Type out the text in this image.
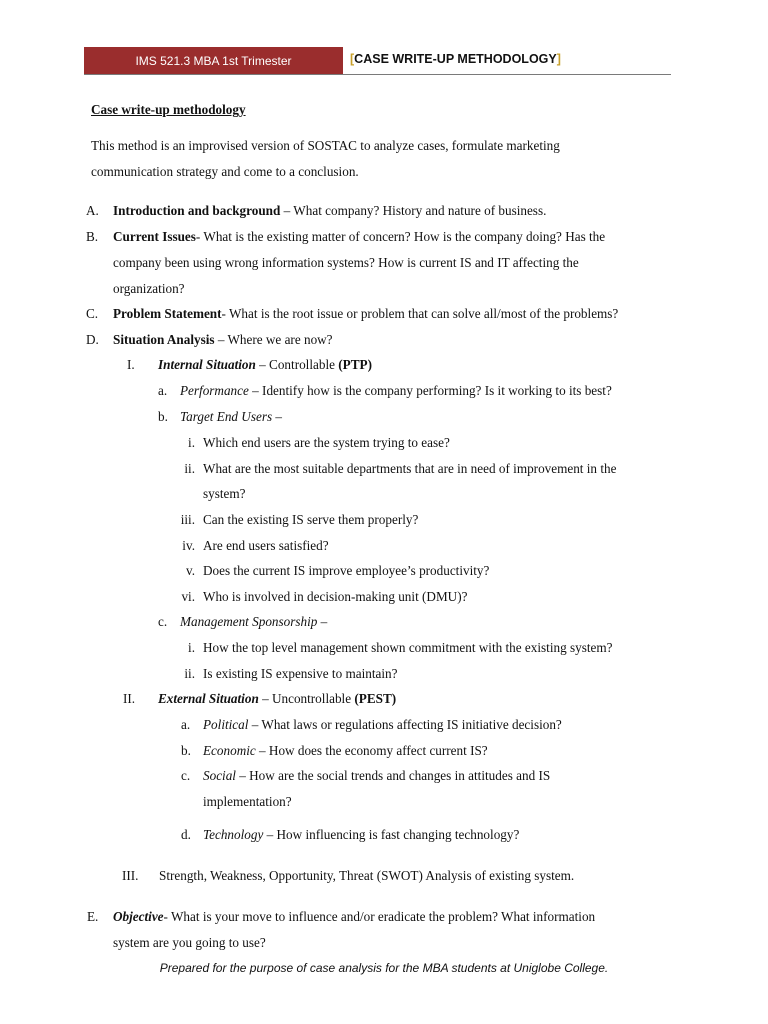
IMS 521.3 MBA 1st Trimester	[CASE WRITE-UP METHODOLOGY]
Case write-up methodology
This method is an improvised version of SOSTAC to analyze cases, formulate marketing
communication strategy and come to a conclusion.
A. Introduction and background – What company? History and nature of business.
B. Current Issues- What is the existing matter of concern? How is the company doing? Has the
company been using wrong information systems? How is current IS and IT affecting the
organization?
C. Problem Statement- What is the root issue or problem that can solve all/most of the problems?
D. Situation Analysis – Where we are now?
I. Internal Situation – Controllable (PTP)
a. Performance – Identify how is the company performing? Is it working to its best?
b. Target End Users –
i. Which end users are the system trying to ease?
ii. What are the most suitable departments that are in need of improvement in the
system?
iii. Can the existing IS serve them properly?
iv. Are end users satisfied?
v. Does the current IS improve employee’s productivity?
vi. Who is involved in decision-making unit (DMU)?
c. Management Sponsorship –
i. How the top level management shown commitment with the existing system?
ii. Is existing IS expensive to maintain?
II. External Situation – Uncontrollable (PEST)
a. Political – What laws or regulations affecting IS initiative decision?
b. Economic – How does the economy affect current IS?
c. Social – How are the social trends and changes in attitudes and IS
implementation?
d. Technology – How influencing is fast changing technology?
III. Strength, Weakness, Opportunity, Threat (SWOT) Analysis of existing system.
E. Objective- What is your move to influence and/or eradicate the problem? What information
system are you going to use?
Prepared for the purpose of case analysis for the MBA students at Uniglobe College.
